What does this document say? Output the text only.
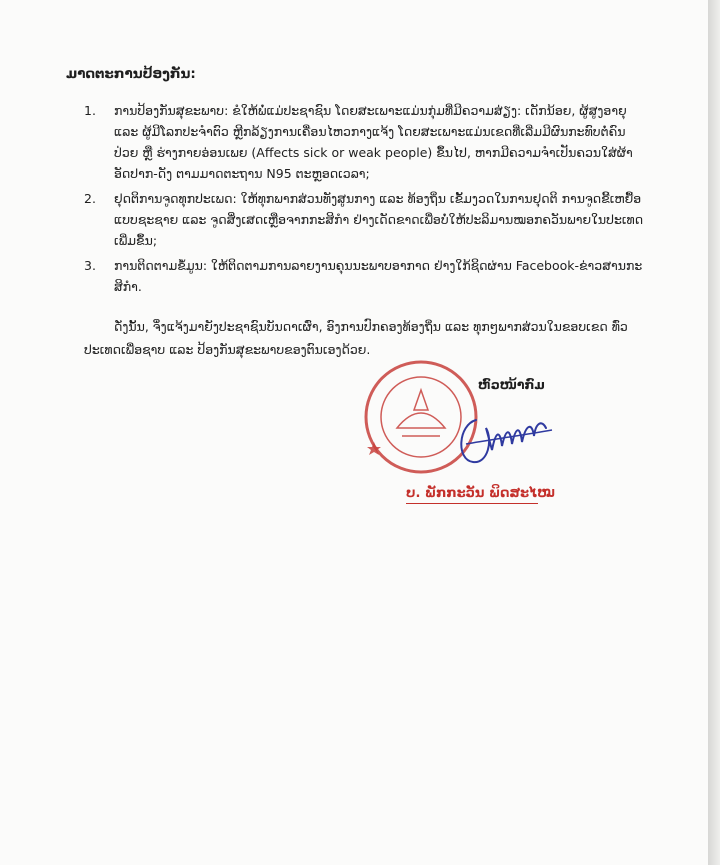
ມາດຕະການປ້ອງກັນ:
1. ການປ້ອງກັນສຸຂະພາບ: ຂໍໃຫ້ພໍ່ແມ່ປະຊາຊົນ ໂດຍສະເພາະແມ່ນກຸ່ມທີ່ມີຄວາມສ່ຽງ: ເດັກນ້ອຍ, ຜູ້ສູງອາຍຸ ແລະ ຜູ້ມີໂລກປະຈໍາຕົວ ຫຼີກລ້ຽງການເຄື່ອນໄຫວກາງແຈ້ງ ໂດຍສະເພາະແມ່ນເຂດທີ່ເລີ່ມມີຜົນກະທົບຕໍ່ຄົນປ່ວຍ ຫຼື ຮ່າງກາຍອ່ອນເພຍ (Affects sick or weak people) ຂຶ້ນໄປ, ຫາກມີຄວາມຈໍາເປັນຄວນໃສ່ຜ້າອັດປາກ-ດັງ ຕາມມາດຕະຖານ N95 ຕະຫຼອດເວລາ;
2. ຢຸດຕິການຈູດທຸກປະເພດ: ໃຫ້ທຸກພາກສ່ວນທັງສູນກາງ ແລະ ທ້ອງຖິ່ນ ເຂັ້ມງວດໃນການຢຸດຕິ ການຈູດຂີ້ເຫຍື້ອແບບຊະຊາຍ ແລະ ຈູດສິ່ງເສດເຫຼືອຈາກກະສິກໍາ ຢ່າງເດັດຂາດເພື່ອບໍ່ໃຫ້ປະລິມານໝອກຄວັນພາຍໃນປະເທດເພີ່ມຂຶ້ນ;
3. ການຕິດຕາມຂໍ້ມູນ: ໃຫ້ຕິດຕາມການລາຍງານຄຸນນະພາບອາກາດ ຢ່າງໃກ້ຊິດຜ່ານ Facebook-ຂ່າວສານກະສິກໍາ.

ດັ່ງນັ້ນ, ຈຶ່ງແຈ້ງມາຍັງປະຊາຊົນບັນດາເຜົ່າ, ອົງການປົກຄອງທ້ອງຖິ່ນ ແລະ ທຸກໆພາກສ່ວນໃນຂອບເຂດ ທົ່ວປະເທດເພື່ອຊາບ ແລະ ປ້ອງກັນສຸຂະພາບຂອງຕົນເອງດ້ວຍ.

ຫົວໜ້າກົມ
ບ. ພັກກະວັນ ພິດສະໄໝ
